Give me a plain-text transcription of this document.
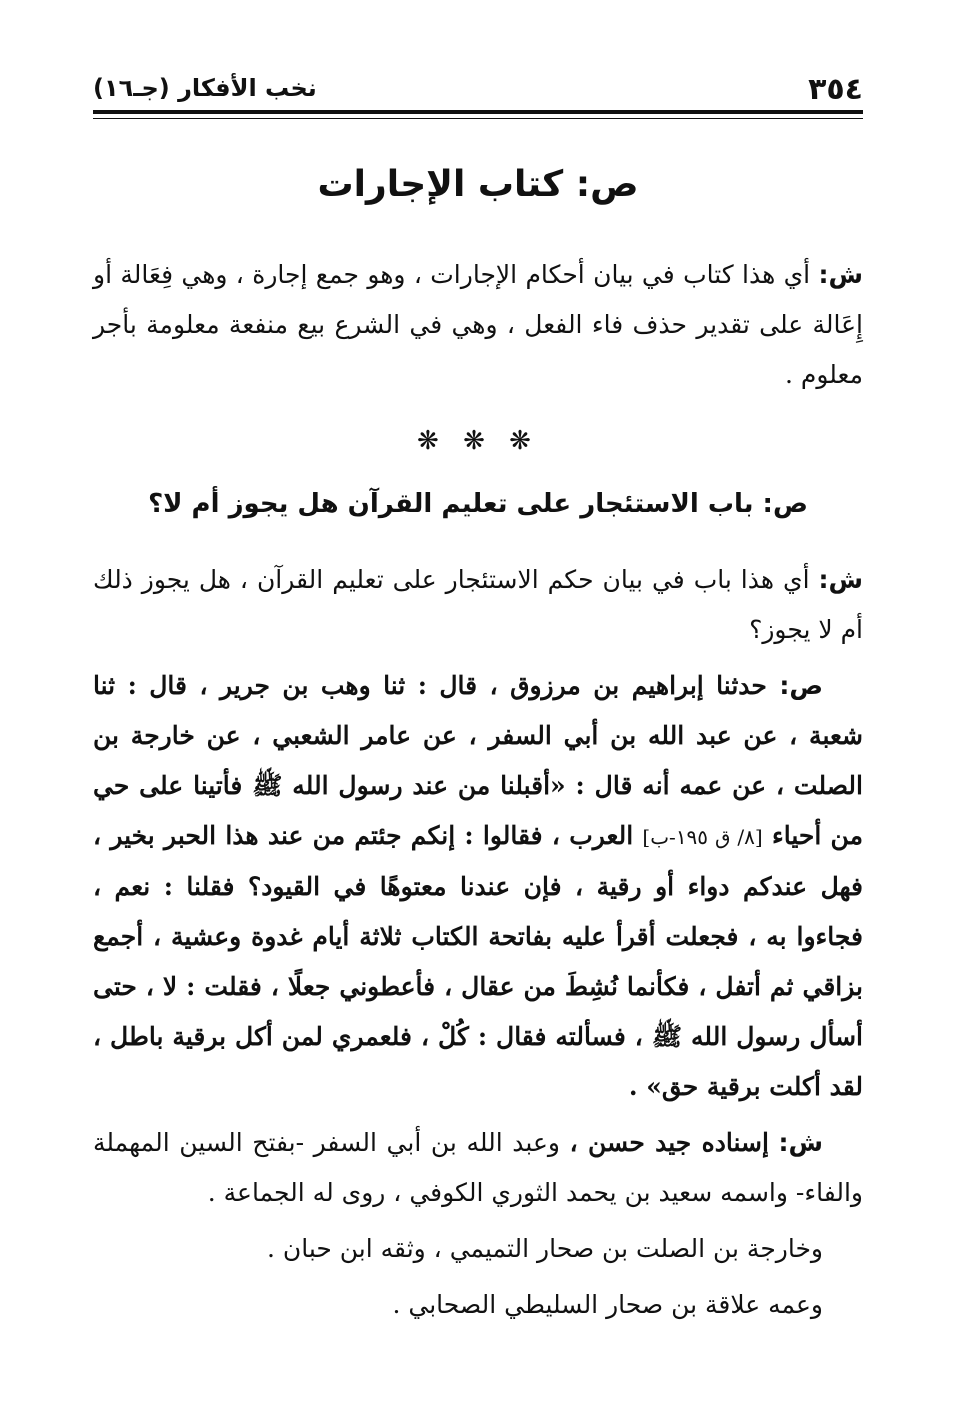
٣٥٤
نخب الأفكار (جـ١٦)
ص: كتاب الإجارات

ش: أي هذا كتاب في بيان أحكام الإجارات ، وهو جمع إجارة ، وهي فِعَالة أو إِعَالة على تقدير حذف فاء الفعل ، وهي في الشرع بيع منفعة معلومة بأجر معلوم .

❋ ❋ ❋
ص: باب الاستئجار على تعليم القرآن هل يجوز أم لا؟

ش: أي هذا باب في بيان حكم الاستئجار على تعليم القرآن ، هل يجوز ذلك أم لا يجوز؟

ص: حدثنا إبراهيم بن مرزوق ، قال : ثنا وهب بن جرير ، قال : ثنا شعبة ، عن عبد الله بن أبي السفر ، عن عامر الشعبي ، عن خارجة بن الصلت ، عن عمه أنه قال : «أقبلنا من عند رسول الله ﷺ فأتينا على حي من أحياء [٨/ ق ١٩٥-ب] العرب ، فقالوا : إنكم جئتم من عند هذا الحبر بخير ، فهل عندكم دواء أو رقية ، فإن عندنا معتوهًا في القيود؟ فقلنا : نعم ، فجاءوا به ، فجعلت أقرأ عليه بفاتحة الكتاب ثلاثة أيام غدوة وعشية ، أجمع بزاقي ثم أتفل ، فكأنما نُشِطَ من عقال ، فأعطوني جعلًا ، فقلت : لا ، حتى أسأل رسول الله ﷺ ، فسألته فقال : كُلْ ، فلعمري لمن أكل برقية باطل ، لقد أكلت برقية حق» .

ش: إسناده جيد حسن ، وعبد الله بن أبي السفر -بفتح السين المهملة والفاء- واسمه سعيد بن يحمد الثوري الكوفي ، روى له الجماعة .

وخارجة بن الصلت بن صحار التميمي ، وثقه ابن حبان .

وعمه علاقة بن صحار السليطي الصحابي .
